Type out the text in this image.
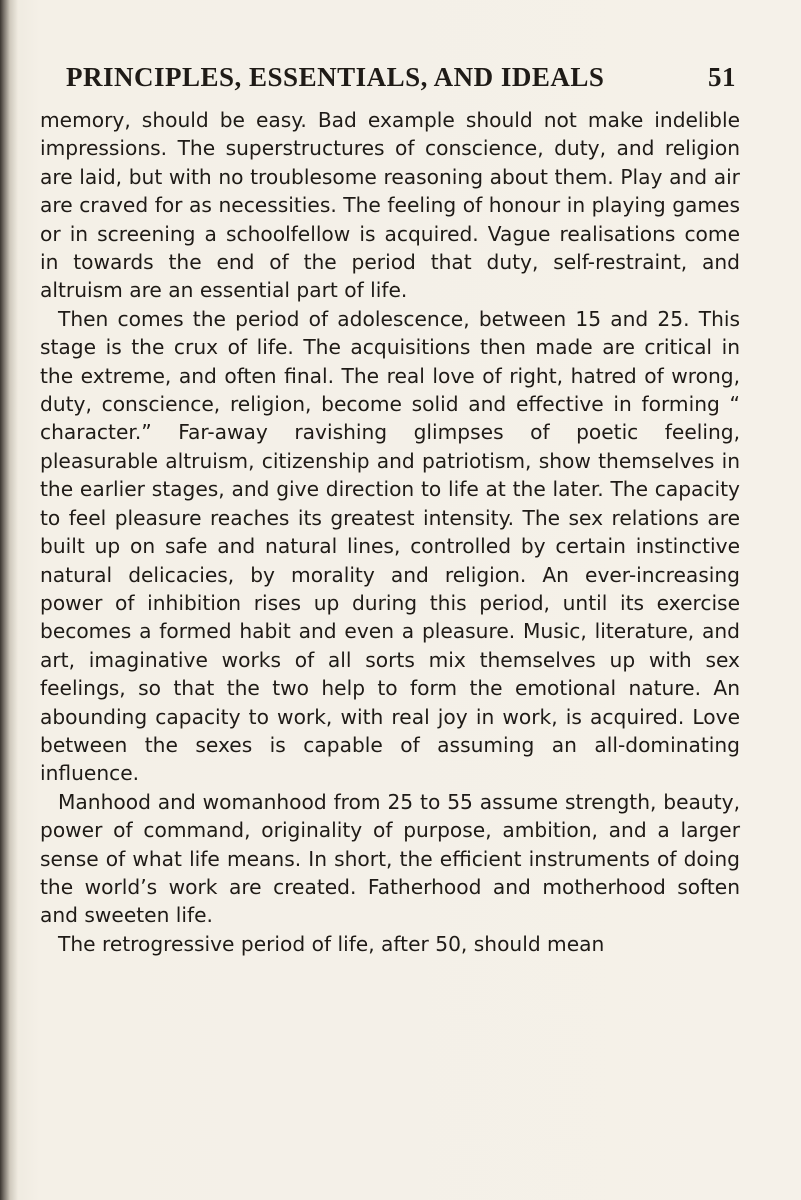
PRINCIPLES, ESSENTIALS, AND IDEALS	51

memory, should be easy. Bad example should not make indelible impressions. The superstructures of conscience, duty, and religion are laid, but with no troublesome reasoning about them. Play and air are craved for as necessities. The feeling of honour in playing games or in screening a schoolfellow is acquired. Vague realisations come in towards the end of the period that duty, self-restraint, and altruism are an essential part of life.

Then comes the period of adolescence, between 15 and 25. This stage is the crux of life. The acquisitions then made are critical in the extreme, and often final. The real love of right, hatred of wrong, duty, conscience, religion, become solid and effective in forming “ character.” Far-away ravishing glimpses of poetic feeling, pleasurable altruism, citizenship and patriotism, show themselves in the earlier stages, and give direction to life at the later. The capacity to feel pleasure reaches its greatest intensity. The sex relations are built up on safe and natural lines, controlled by certain instinctive natural delicacies, by morality and religion. An ever-increasing power of inhibition rises up during this period, until its exercise becomes a formed habit and even a pleasure. Music, literature, and art, imaginative works of all sorts mix themselves up with sex feelings, so that the two help to form the emotional nature. An abounding capacity to work, with real joy in work, is acquired. Love between the sexes is capable of assuming an all-dominating influence.

Manhood and womanhood from 25 to 55 assume strength, beauty, power of command, originality of purpose, ambition, and a larger sense of what life means. In short, the efficient instruments of doing the world’s work are created. Fatherhood and motherhood soften and sweeten life.

The retrogressive period of life, after 50, should mean
